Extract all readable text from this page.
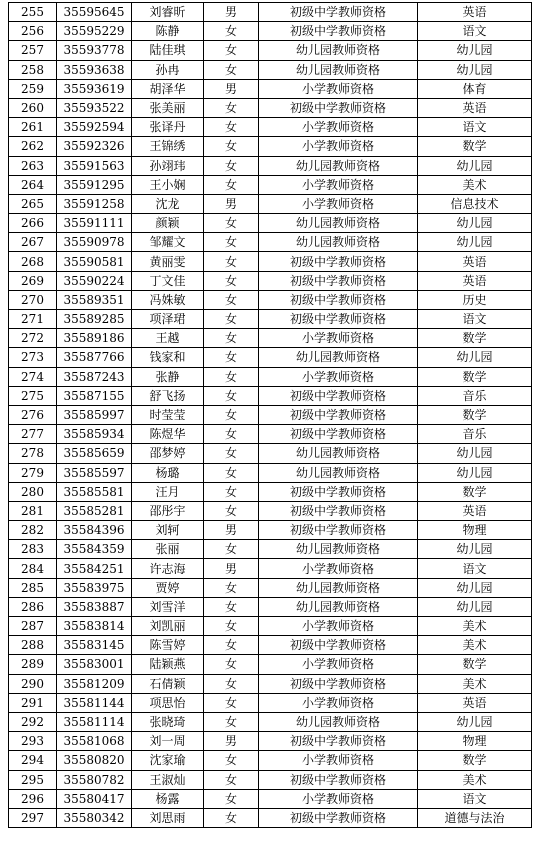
255	35595645	刘睿昕	男	初级中学教师资格	英语
256	35595229	陈静	女	初级中学教师资格	语文
257	35593778	陆佳琪	女	幼儿园教师资格	幼儿园
258	35593638	孙冉	女	幼儿园教师资格	幼儿园
259	35593619	胡泽华	男	小学教师资格	体育
260	35593522	张美丽	女	初级中学教师资格	英语
261	35592594	张译丹	女	小学教师资格	语文
262	35592326	王锦绣	女	小学教师资格	数学
263	35591563	孙翊玮	女	幼儿园教师资格	幼儿园
264	35591295	王小娴	女	小学教师资格	美术
265	35591258	沈龙	男	小学教师资格	信息技术
266	35591111	颜颖	女	幼儿园教师资格	幼儿园
267	35590978	邹耀文	女	幼儿园教师资格	幼儿园
268	35590581	黄丽雯	女	初级中学教师资格	英语
269	35590224	丁文佳	女	初级中学教师资格	英语
270	35589351	冯姝敏	女	初级中学教师资格	历史
271	35589285	项泽珺	女	初级中学教师资格	语文
272	35589186	王越	女	小学教师资格	数学
273	35587766	钱家和	女	幼儿园教师资格	幼儿园
274	35587243	张静	女	小学教师资格	数学
275	35587155	舒飞扬	女	初级中学教师资格	音乐
276	35585997	时莹莹	女	初级中学教师资格	数学
277	35585934	陈煜华	女	初级中学教师资格	音乐
278	35585659	邵梦婷	女	幼儿园教师资格	幼儿园
279	35585597	杨璐	女	幼儿园教师资格	幼儿园
280	35585581	汪月	女	初级中学教师资格	数学
281	35585281	邵彤宇	女	初级中学教师资格	英语
282	35584396	刘轲	男	初级中学教师资格	物理
283	35584359	张丽	女	幼儿园教师资格	幼儿园
284	35584251	许志海	男	小学教师资格	语文
285	35583975	贾婷	女	幼儿园教师资格	幼儿园
286	35583887	刘雪洋	女	幼儿园教师资格	幼儿园
287	35583814	刘凯丽	女	小学教师资格	美术
288	35583145	陈雪婷	女	初级中学教师资格	美术
289	35583001	陆颖燕	女	小学教师资格	数学
290	35581209	石倩颖	女	初级中学教师资格	美术
291	35581144	项思怡	女	小学教师资格	英语
292	35581114	张晓琦	女	幼儿园教师资格	幼儿园
293	35581068	刘一周	男	初级中学教师资格	物理
294	35580820	沈家瑜	女	小学教师资格	数学
295	35580782	王淑灿	女	初级中学教师资格	美术
296	35580417	杨露	女	小学教师资格	语文
297	35580342	刘思雨	女	初级中学教师资格	道德与法治
